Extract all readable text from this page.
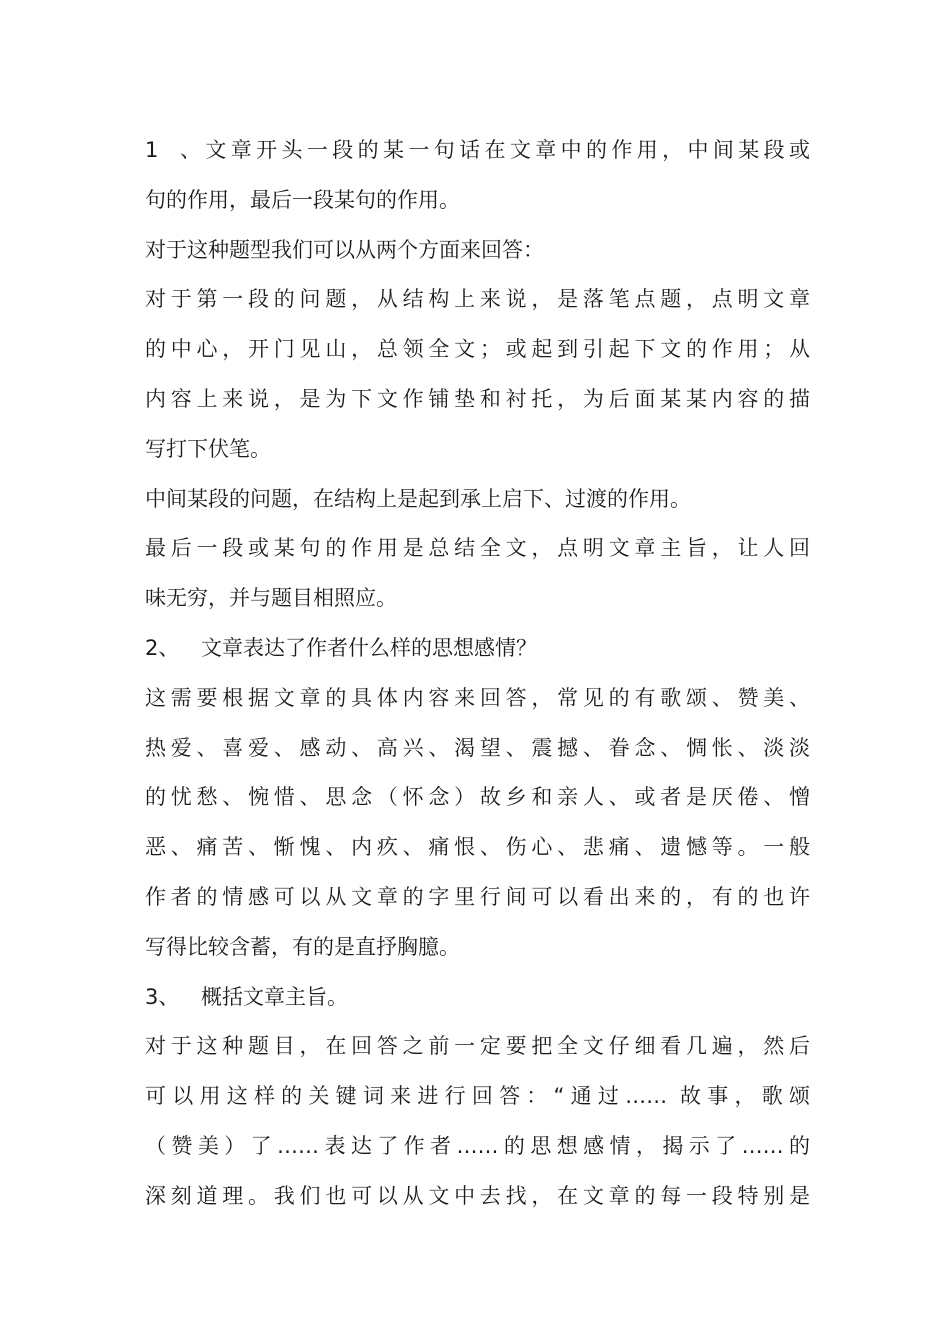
1、文章开头一段的某一句话在文章中的作用，中间某段或
句的作用，最后一段某句的作用。
对于这种题型我们可以从两个方面来回答：
对于第一段的问题，从结构上来说，是落笔点题，点明文章
的中心，开门见山，总领全文；或起到引起下文的作用；从
内容上来说，是为下文作铺垫和衬托，为后面某某内容的描
写打下伏笔。
中间某段的问题，在结构上是起到承上启下、过渡的作用。
最后一段或某句的作用是总结全文，点明文章主旨，让人回
味无穷，并与题目相照应。
2、 文章表达了作者什么样的思想感情？
这需要根据文章的具体内容来回答，常见的有歌颂、赞美、
热爱、喜爱、感动、高兴、渴望、震撼、眷念、惆怅、淡淡
的忧愁、惋惜、思念（怀念）故乡和亲人、或者是厌倦、憎
恶、痛苦、惭愧、内疚、痛恨、伤心、悲痛、遗憾等。一般
作者的情感可以从文章的字里行间可以看出来的，有的也许
写得比较含蓄，有的是直抒胸臆。
3、 概括文章主旨。
对于这种题目，在回答之前一定要把全文仔细看几遍，然后
可以用这样的关键词来进行回答：“通过…… 故事，歌颂
（赞美）了……表达了作者……的思想感情，揭示了……的
深刻道理。我们也可以从文中去找，在文章的每一段特别是
